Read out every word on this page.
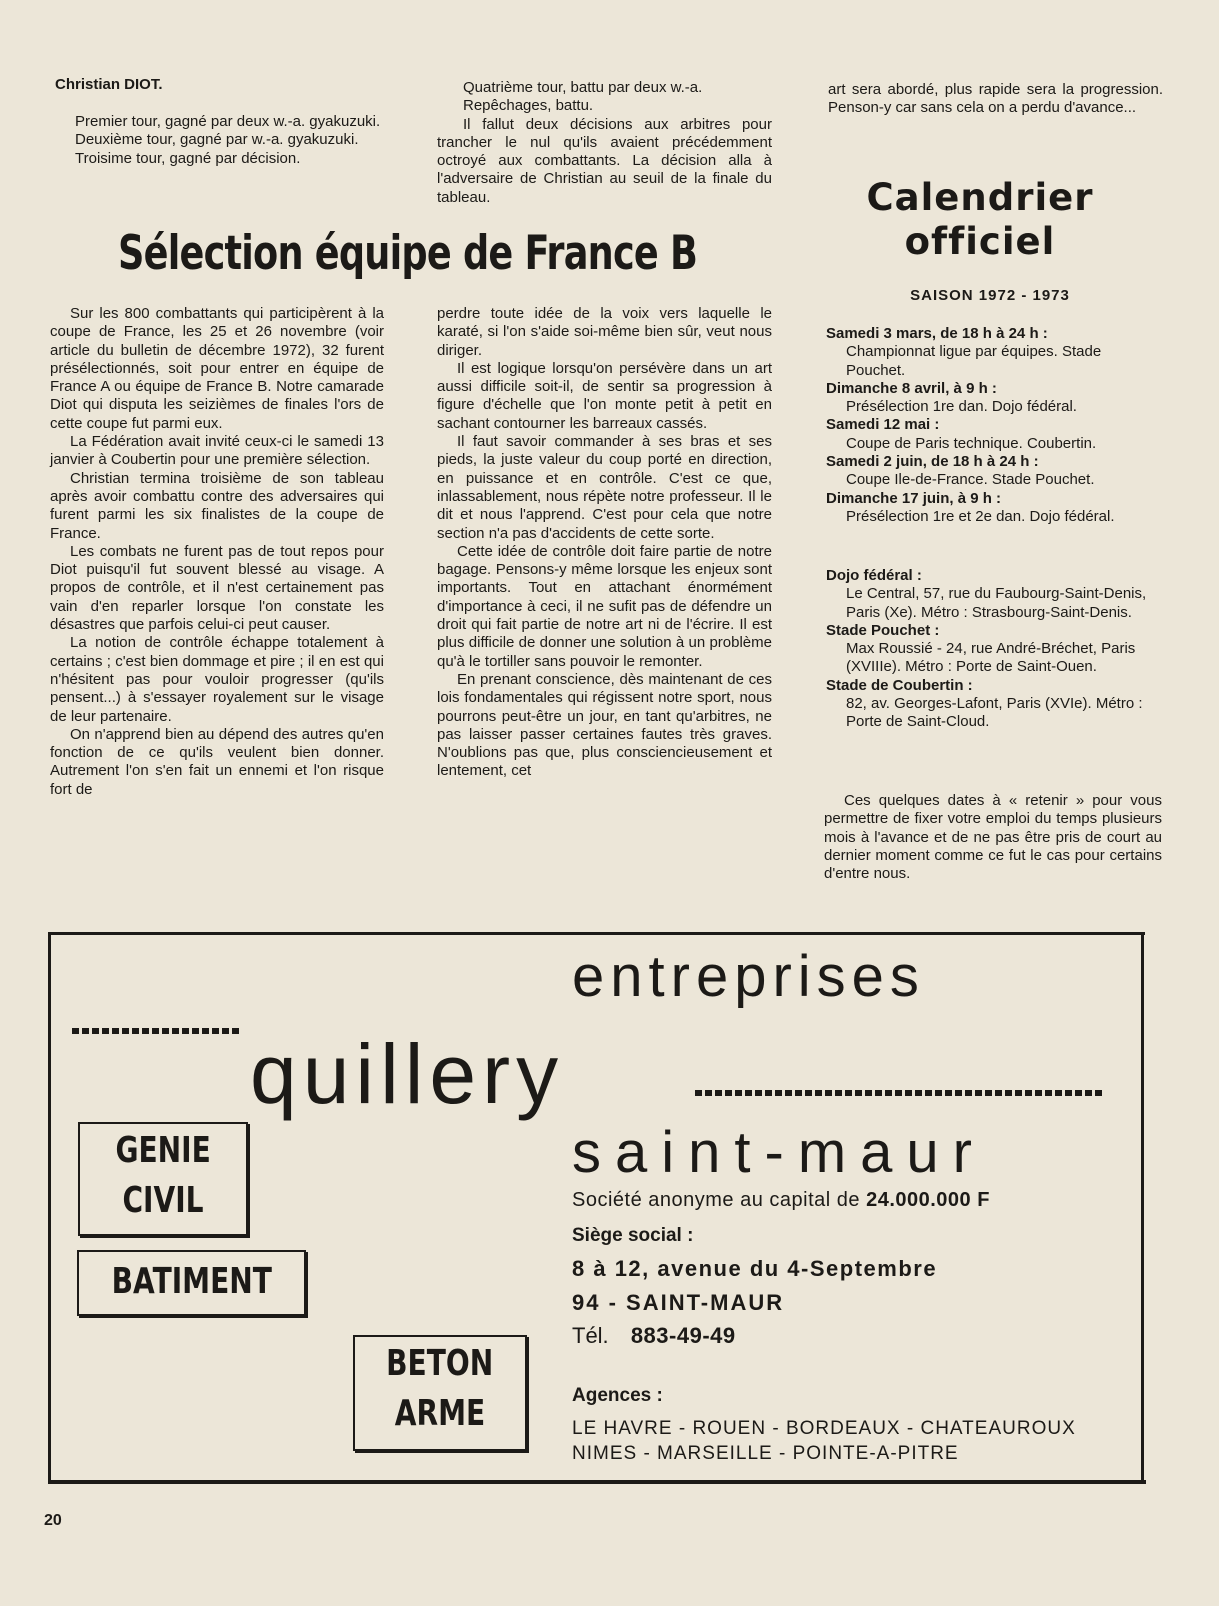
Christian DIOT.

Premier tour, gagné par deux w.-a. gyakuzuki.

Deuxième tour, gagné par w.-a. gyakuzuki.

Troisime tour, gagné par décision.

Quatrième tour, battu par deux w.-a.

Repêchages, battu.

Il fallut deux décisions aux arbitres pour trancher le nul qu'ils avaient précédemment octroyé aux combattants. La décision alla à l'adversaire de Christian au seuil de la finale du tableau.

art sera abordé, plus rapide sera la progression. Penson-y car sans cela on a perdu d'avance...

Sélection équipe de France B

Sur les 800 combattants qui participèrent à la coupe de France, les 25 et 26 novembre (voir article du bulletin de décembre 1972), 32 furent présélectionnés, soit pour entrer en équipe de France A ou équipe de France B. Notre camarade Diot qui disputa les seizièmes de finales l'ors de cette coupe fut parmi eux.

La Fédération avait invité ceux-ci le samedi 13 janvier à Coubertin pour une première sélection.

Christian termina troisième de son tableau après avoir combattu contre des adversaires qui furent parmi les six finalistes de la coupe de France.

Les combats ne furent pas de tout repos pour Diot puisqu'il fut souvent blessé au visage. A propos de contrôle, et il n'est certainement pas vain d'en reparler lorsque l'on constate les désastres que parfois celui-ci peut causer.

La notion de contrôle échappe totalement à certains ; c'est bien dommage et pire ; il en est qui n'hésitent pas pour vouloir progresser (qu'ils pensent...) à s'essayer royalement sur le visage de leur partenaire.

On n'apprend bien au dépend des autres qu'en fonction de ce qu'ils veulent bien donner. Autrement l'on s'en fait un ennemi et l'on risque fort de

perdre toute idée de la voix vers laquelle le karaté, si l'on s'aide soi-même bien sûr, veut nous diriger.

Il est logique lorsqu'on persévère dans un art aussi difficile soit-il, de sentir sa progression à figure d'échelle que l'on monte petit à petit en sachant contourner les barreaux cassés.

Il faut savoir commander à ses bras et ses pieds, la juste valeur du coup porté en direction, en puissance et en contrôle. C'est ce que, inlassablement, nous répète notre professeur. Il le dit et nous l'apprend. C'est pour cela que notre section n'a pas d'accidents de cette sorte.

Cette idée de contrôle doit faire partie de notre bagage. Pensons-y même lorsque les enjeux sont importants. Tout en attachant énormément d'importance à ceci, il ne sufit pas de défendre un droit qui fait partie de notre art ni de l'écrire. Il est plus difficile de donner une solution à un problème qu'à le tortiller sans pouvoir le remonter.

En prenant conscience, dès maintenant de ces lois fondamentales qui régissent notre sport, nous pourrons peut-être un jour, en tant qu'arbitres, ne pas laisser passer certaines fautes très graves. N'oublions pas que, plus consciencieusement et lentement, cet

Calendrier
officiel
SAISON 1972 - 1973
Samedi 3 mars, de 18 h à 24 h :
Championnat ligue par équipes. Stade Pouchet.
Dimanche 8 avril, à 9 h :
Présélection 1re dan. Dojo fédéral.
Samedi 12 mai :
Coupe de Paris technique. Coubertin.
Samedi 2 juin, de 18 h à 24 h :
Coupe Ile-de-France. Stade Pouchet.
Dimanche 17 juin, à 9 h :
Présélection 1re et 2e dan. Dojo fédéral.
Dojo fédéral :
Le Central, 57, rue du Faubourg-Saint-Denis, Paris (Xe). Métro : Strasbourg-Saint-Denis.
Stade Pouchet :
Max Roussié - 24, rue André-Bréchet, Paris (XVIIIe). Métro : Porte de Saint-Ouen.
Stade de Coubertin :
82, av. Georges-Lafont, Paris (XVIe). Métro : Porte de Saint-Cloud.

Ces quelques dates à « retenir » pour vous permettre de fixer votre emploi du temps plusieurs mois à l'avance et de ne pas être pris de court au dernier moment comme ce fut le cas pour certains d'entre nous.

entreprises
quillery
saint-maur
GENIE
CIVIL
BATIMENT
BETON
ARME
Société anonyme au capital de 24.000.000 F
Siège social :
8 à 12, avenue du 4-Septembre
94 - SAINT-MAUR
Tél. 883-49-49
Agences :
LE HAVRE - ROUEN - BORDEAUX - CHATEAUROUX
NIMES - MARSEILLE - POINTE-A-PITRE
20
